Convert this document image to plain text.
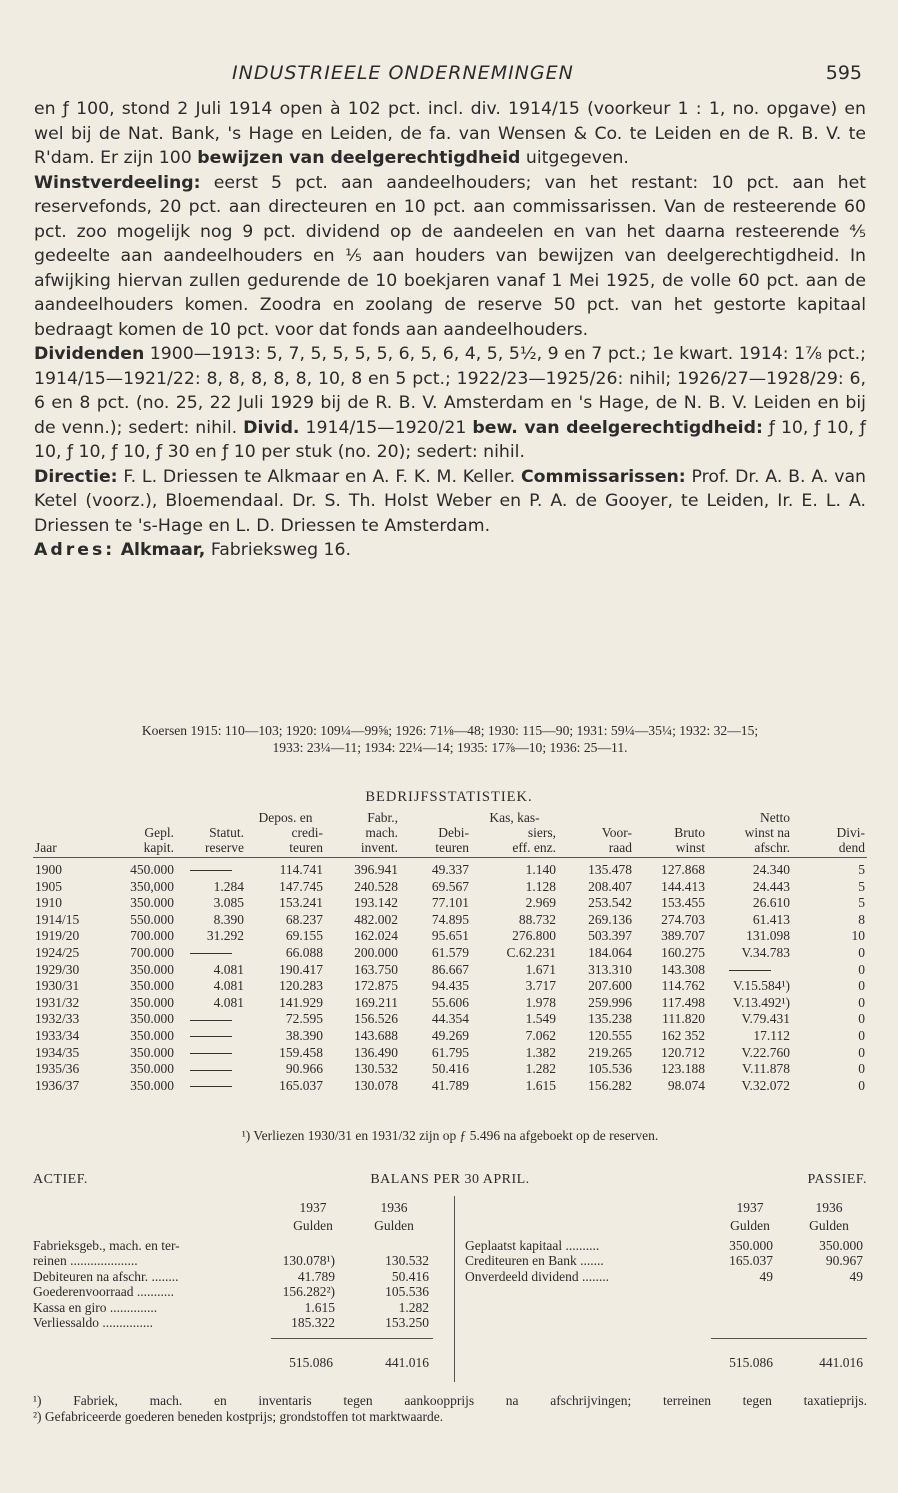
INDUSTRIEELE ONDERNEMINGEN	595

en ƒ 100, stond 2 Juli 1914 open à 102 pct. incl. div. 1914/15 (voorkeur 1 : 1, no. opgave) en wel bij de Nat. Bank, 's Hage en Leiden, de fa. van Wensen & Co. te Leiden en de R. B. V. te R'dam. Er zijn 100 bewijzen van deelgerechtigdheid uitgegeven.

Winstverdeeling: eerst 5 pct. aan aandeelhouders; van het restant: 10 pct. aan het reservefonds, 20 pct. aan directeuren en 10 pct. aan commissarissen. Van de resteerende 60 pct. zoo mogelijk nog 9 pct. dividend op de aandeelen en van het daarna resteerende ⅘ gedeelte aan aandeelhouders en ⅕ aan houders van bewijzen van deelgerechtigdheid. In afwijking hiervan zullen gedurende de 10 boekjaren vanaf 1 Mei 1925, de volle 60 pct. aan de aandeelhouders komen. Zoodra en zoolang de reserve 50 pct. van het gestorte kapitaal bedraagt komen de 10 pct. voor dat fonds aan aandeelhouders.

Dividenden 1900—1913: 5, 7, 5, 5, 5, 5, 6, 5, 6, 4, 5, 5½, 9 en 7 pct.; 1e kwart. 1914: 1⅞ pct.; 1914/15—1921/22: 8, 8, 8, 8, 8, 10, 8 en 5 pct.; 1922/23—1925/26: nihil; 1926/27—1928/29: 6, 6 en 8 pct. (no. 25, 22 Juli 1929 bij de R. B. V. Amsterdam en 's Hage, de N. B. V. Leiden en bij de venn.); sedert: nihil. Divid. 1914/15—1920/21 bew. van deelgerechtigdheid: ƒ 10, ƒ 10, ƒ 10, ƒ 10, ƒ 10, ƒ 30 en ƒ 10 per stuk (no. 20); sedert: nihil.

Directie: F. L. Driessen te Alkmaar en A. F. K. M. Keller. Commissarissen: Prof. Dr. A. B. A. van Ketel (voorz.), Bloemendaal. Dr. S. Th. Holst Weber en P. A. de Gooyer, te Leiden, Ir. E. L. A. Driessen te 's-Hage en L. D. Driessen te Amsterdam.

Adres: Alkmaar, Fabrieksweg 16.

Koersen 1915: 110—103; 1920: 109¼—99⅝; 1926: 71⅛—48; 1930: 115—90; 1931: 59¼—35¼; 1932: 32—15;
1933: 23¼—11; 1934: 22¼—14; 1935: 17⅞—10; 1936: 25—11.
BEDRIJFSSTATISTIEK.
			Depos. en	Fabr.,		Kas, kas-			Netto	
	Gepl.	Statut.	credi-	mach.	Debi-	siers,	Voor-	Bruto	winst na	Divi-
Jaar	kapit.	reserve	teuren	invent.	teuren	eff. enz.	raad	winst	afschr.	dend
1900	450.000		114.741	396.941	49.337	1.140	135.478	127.868	24.340	5
1905	350,000	1.284	147.745	240.528	69.567	1.128	208.407	144.413	24.443	5
1910	350.000	3.085	153.241	193.142	77.101	2.969	253.542	153.455	26.610	5
1914/15	550.000	8.390	68.237	482.002	74.895	88.732	269.136	274.703	61.413	8
1919/20	700.000	31.292	69.155	162.024	95.651	276.800	503.397	389.707	131.098	10
1924/25	700.000		66.088	200.000	61.579	C.62.231	184.064	160.275	V.34.783	0
1929/30	350.000	4.081	190.417	163.750	86.667	1.671	313.310	143.308		0
1930/31	350.000	4.081	120.283	172.875	94.435	3.717	207.600	114.762	V.15.584¹)	0
1931/32	350.000	4.081	141.929	169.211	55.606	1.978	259.996	117.498	V.13.492¹)	0
1932/33	350.000		72.595	156.526	44.354	1.549	135.238	111.820	V.79.431	0
1933/34	350.000		38.390	143.688	49.269	7.062	120.555	162 352	17.112	0
1934/35	350.000		159.458	136.490	61.795	1.382	219.265	120.712	V.22.760	0
1935/36	350.000		90.966	130.532	50.416	1.282	105.536	123.188	V.11.878	0
1936/37	350.000		165.037	130.078	41.789	1.615	156.282	98.074	V.32.072	0
¹) Verliezen 1930/31 en 1931/32 zijn op ƒ 5.496 na afgeboekt op de reserven.
ACTIEF.	BALANS PER 30 APRIL.	PASSIEF.
1937	1936
Gulden	Gulden
Fabrieksgeb., mach. en ter-
reinen ....................	130.078¹)	130.532
Debiteuren na afschr. ........	41.789	50.416
Goederenvoorraad ...........	156.282²)	105.536
Kassa en giro ..............	1.615	1.282
Verliessaldo ...............	185.322	153.250
515.086	441.016
1937	1936
Gulden	Gulden
Geplaatst kapitaal ..........	350.000	350.000
Crediteuren en Bank .......	165.037	90.967
Onverdeeld dividend ........	49	49
515.086	441.016

¹) Fabriek, mach. en inventaris tegen aankoopprijs na afschrijvingen; terreinen tegen taxatieprijs.

²) Gefabriceerde goederen beneden kostprijs; grondstoffen tot marktwaarde.
